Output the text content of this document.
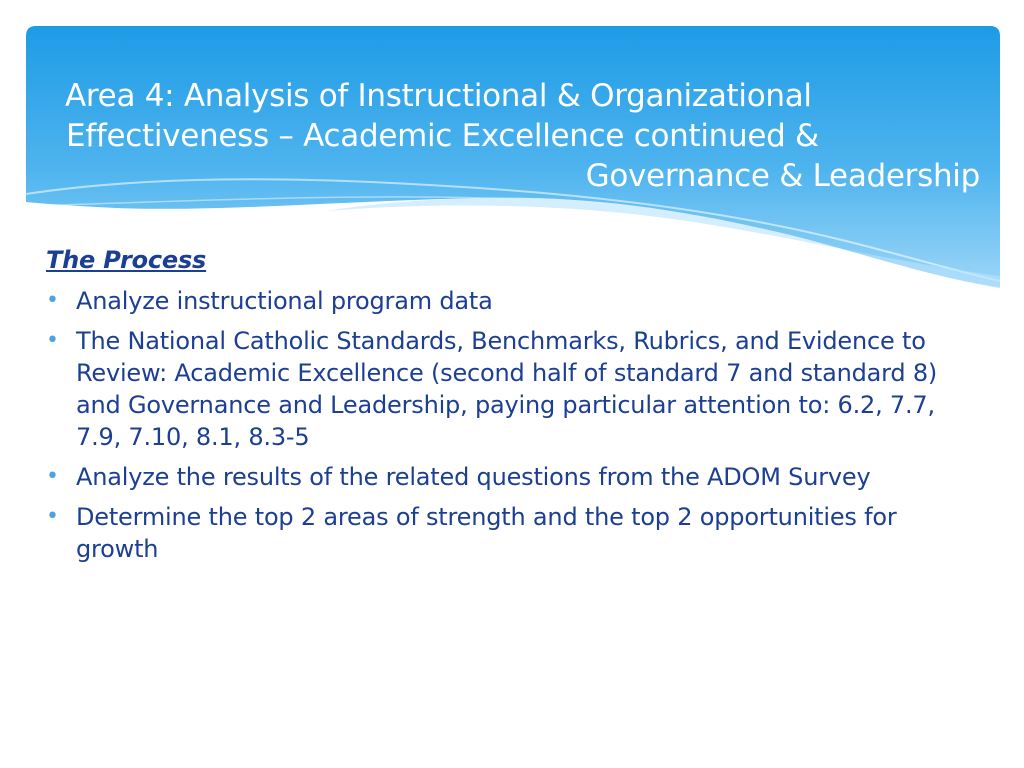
Area 4: Analysis of Instructional & Organizational
Effectiveness – Academic Excellence continued &
Governance & Leadership
The Process
• Analyze instructional program data
• The National Catholic Standards, Benchmarks, Rubrics, and Evidence to Review: Academic Excellence (second half of standard 7 and standard 8) and Governance and Leadership, paying particular attention to: 6.2, 7.7, 7.9, 7.10, 8.1, 8.3-5
• Analyze the results of the related questions from the ADOM Survey
• Determine the top 2 areas of strength and the top 2 opportunities for growth
